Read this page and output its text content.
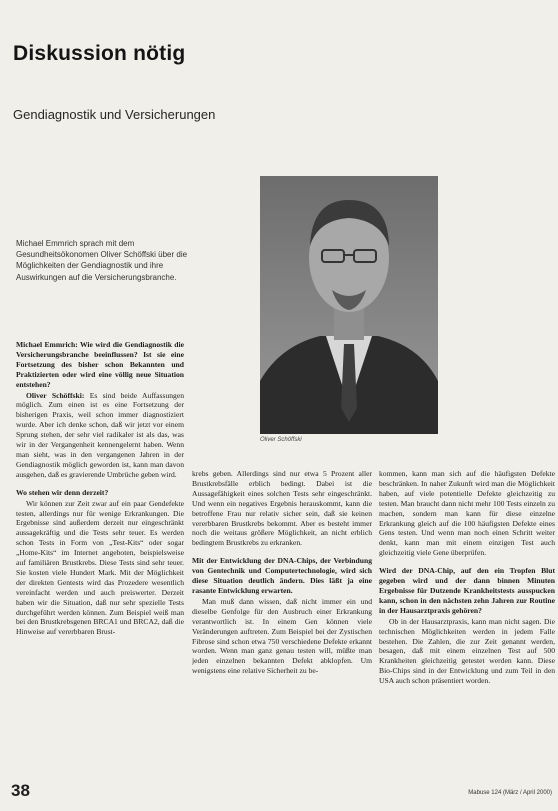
Diskussion nötig
Gendiagnostik und Versicherungen
Oliver Schöffski
Michael Emmrich sprach mit dem Gesundheitsökonomen Oliver Schöffski über die Möglichkeiten der Gendiagnostik und ihre Auswirkungen auf die Versicherungsbranche.

Michael Emmrich: Wie wird die Gendiagnostik die Versicherungsbranche beeinflussen? Ist sie eine Fortsetzung des bisher schon Bekannten und Praktizierten oder wird eine völlig neue Situation entstehen?

Oliver Schöffski: Es sind beide Auffassungen möglich. Zum einen ist es eine Fortsetzung der bisherigen Praxis, weil schon immer diagnostiziert wurde. Aber ich denke schon, daß wir jetzt vor einem Sprung stehen, der sehr viel radikaler ist als das, was wir in der Vergangenheit kennengelernt haben. Wenn man sieht, was in den vergangenen Jahren in der Gendiagnostik möglich geworden ist, kann man davon ausgehen, daß es gravierende Umbrüche geben wird.

Wo stehen wir denn derzeit?

Wir können zur Zeit zwar auf ein paar Gendefekte testen, allerdings nur für wenige Erkrankungen. Die Ergebnisse sind außerdem derzeit nur eingeschränkt aussagekräftig und die Tests sehr teuer. Es werden schon Tests in Form von „Test-Kits“ oder sogar „Home-Kits“ im Internet angeboten, beispielsweise auf familiären Brustkrebs. Diese Tests sind sehr teuer. Sie kosten viele Hundert Mark. Mit der Möglichkeit der direkten Gentests wird das Prozedere wesentlich vereinfacht werden und auch preiswerter. Derzeit haben wir die Situation, daß nur sehr spezielle Tests durchgeführt werden können. Zum Beispiel weiß man bei den Brustkrebsgenen BRCA1 und BRCA2, daß die Hinweise auf vererbbaren Brust-

krebs geben. Allerdings sind nur etwa 5 Prozent aller Brustkrebsfälle erblich bedingt. Dabei ist die Aussagefähigkeit eines solchen Tests sehr eingeschränkt. Und wenn ein negatives Ergebnis herauskommt, kann die betroffene Frau nur relativ sicher sein, daß sie keinen vererbbaren Brustkrebs bekommt. Aber es besteht immer noch die weitaus größere Möglichkeit, an nicht erblich bedingtem Brustkrebs zu erkranken.

Mit der Entwicklung der DNA-Chips, der Verbindung von Gentechnik und Computertechnologie, wird sich diese Situation deutlich ändern. Dies läßt ja eine rasante Entwicklung erwarten.

Man muß dann wissen, daß nicht immer ein und dieselbe Genfolge für den Ausbruch einer Erkrankung verantwortlich ist. In einem Gen können viele Veränderungen auftreten. Zum Beispiel bei der Zystischen Fibrose sind schon etwa 750 verschiedene Defekte erkannt worden. Wenn man ganz genau testen will, müßte man jeden einzelnen bekannten Defekt abklopfen. Um wenigstens eine relative Sicherheit zu be-

kommen, kann man sich auf die häufigsten Defekte beschränken. In naher Zukunft wird man die Möglichkeit haben, auf viele potentielle Defekte gleichzeitig zu testen. Man braucht dann nicht mehr 100 Tests einzeln zu machen, sondern man kann für diese einzelne Erkrankung gleich auf die 100 häufigsten Defekte eines Gens testen. Und wenn man noch einen Schritt weiter denkt, kann man mit einem einzigen Test auch gleichzeitig viele Gene überprüfen.

Wird der DNA-Chip, auf den ein Tropfen Blut gegeben wird und der dann binnen Minuten Ergebnisse für Dutzende Krankheitstests ausspucken kann, schon in den nächsten zehn Jahren zur Routine in der Hausarztpraxis gehören?

Ob in der Hausarztpraxis, kann man nicht sagen. Die technischen Möglichkeiten werden in jedem Falle bestehen. Die Zahlen, die zur Zeit genannt werden, besagen, daß mit einem einzelnen Test auf 500 Krankheiten gleichzeitig getestet werden kann. Diese Bio-Chips sind in der Entwicklung und zum Teil in den USA auch schon präsentiert worden.

38	Mabuse 124 (März / April 2000)
